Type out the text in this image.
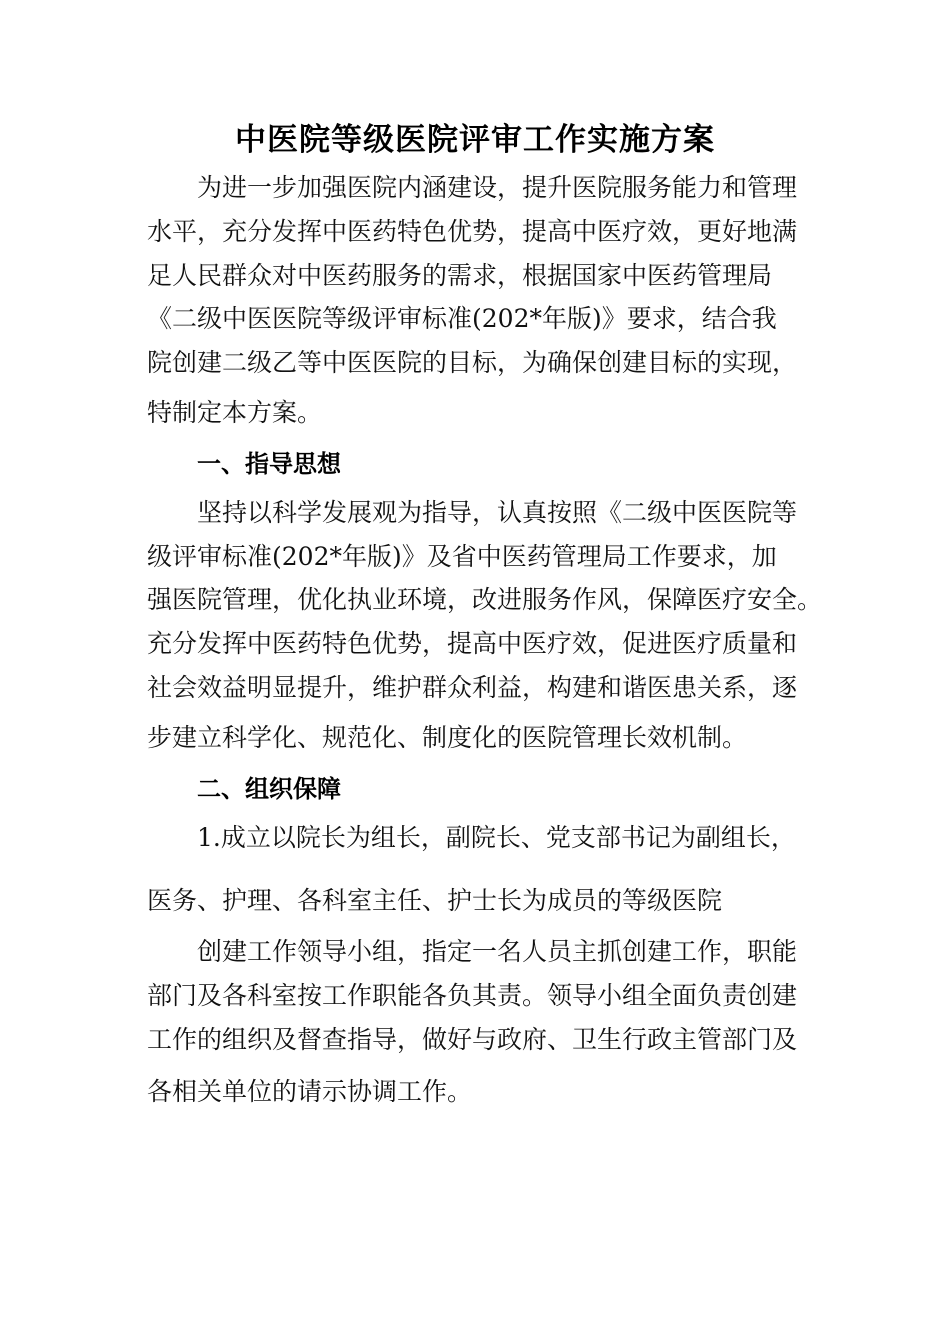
中医院等级医院评审工作实施方案
为进一步加强医院内涵建设，提升医院服务能力和管理
水平，充分发挥中医药特色优势，提高中医疗效，更好地满
足人民群众对中医药服务的需求，根据国家中医药管理局
《二级中医医院等级评审标准(202*年版)》要求，结合我
院创建二级乙等中医医院的目标，为确保创建目标的实现，
特制定本方案。
一、指导思想
坚持以科学发展观为指导，认真按照《二级中医医院等
级评审标准(202*年版)》及省中医药管理局工作要求，加
强医院管理，优化执业环境，改进服务作风，保障医疗安全。
充分发挥中医药特色优势，提高中医疗效，促进医疗质量和
社会效益明显提升，维护群众利益，构建和谐医患关系，逐
步建立科学化、规范化、制度化的医院管理长效机制。
二、组织保障
1.成立以院长为组长，副院长、党支部书记为副组长，
医务、护理、各科室主任、护士长为成员的等级医院
创建工作领导小组，指定一名人员主抓创建工作，职能
部门及各科室按工作职能各负其责。领导小组全面负责创建
工作的组织及督查指导，做好与政府、卫生行政主管部门及
各相关单位的请示协调工作。
